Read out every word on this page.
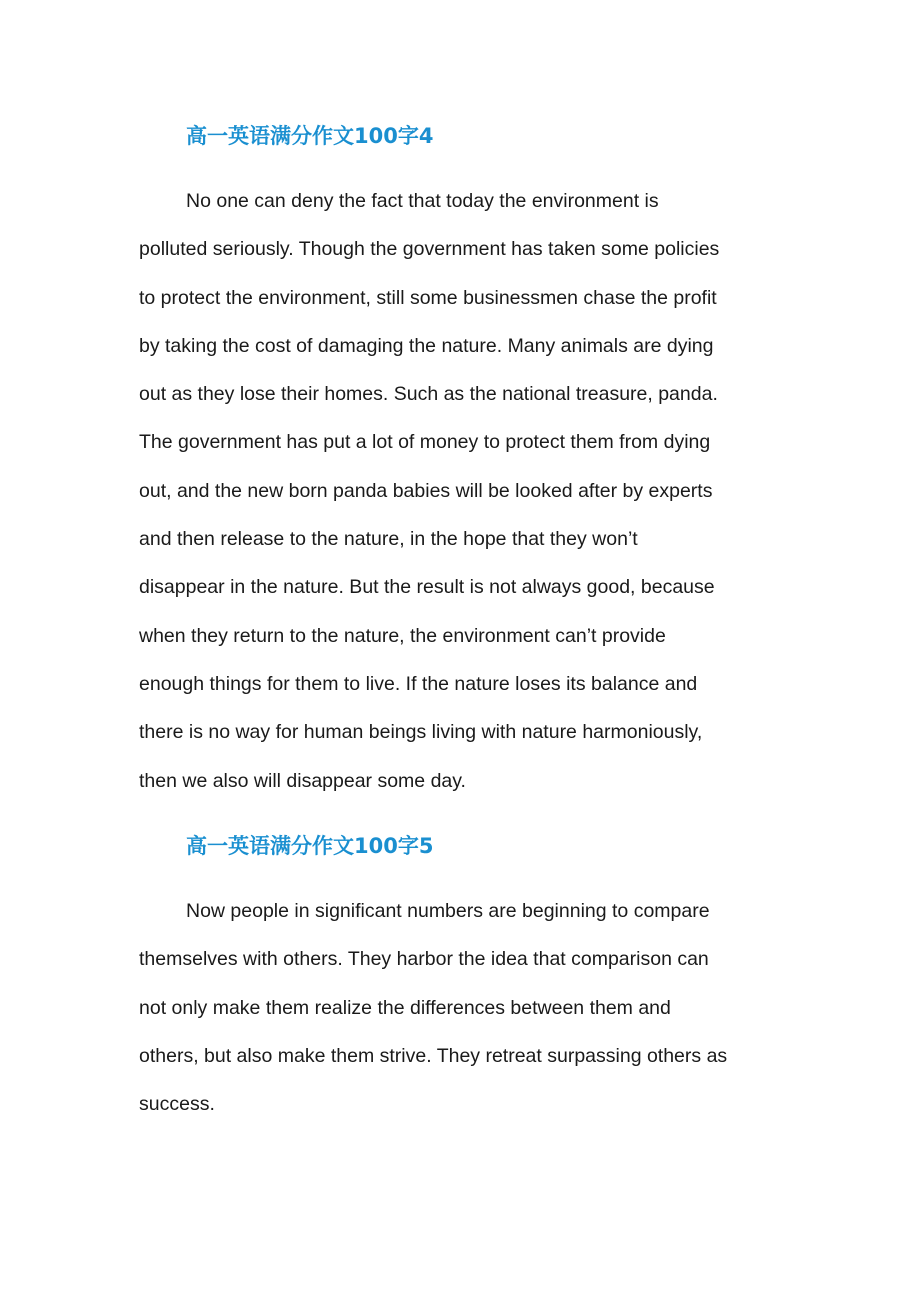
高一英语满分作文100字4
No one can deny the fact that today the environment is
polluted seriously. Though the government has taken some policies
to protect the environment, still some businessmen chase the profit
by taking the cost of damaging the nature. Many animals are dying
out as they lose their homes. Such as the national treasure, panda.
The government has put a lot of money to protect them from dying
out, and the new born panda babies will be looked after by experts
and then release to the nature, in the hope that they won’t
disappear in the nature. But the result is not always good, because
when they return to the nature, the environment can’t provide
enough things for them to live. If the nature loses its balance and
there is no way for human beings living with nature harmoniously,
then we also will disappear some day.
高一英语满分作文100字5
Now people in significant numbers are beginning to compare
themselves with others. They harbor the idea that comparison can
not only make them realize the differences between them and
others, but also make them strive. They retreat surpassing others as
success.
